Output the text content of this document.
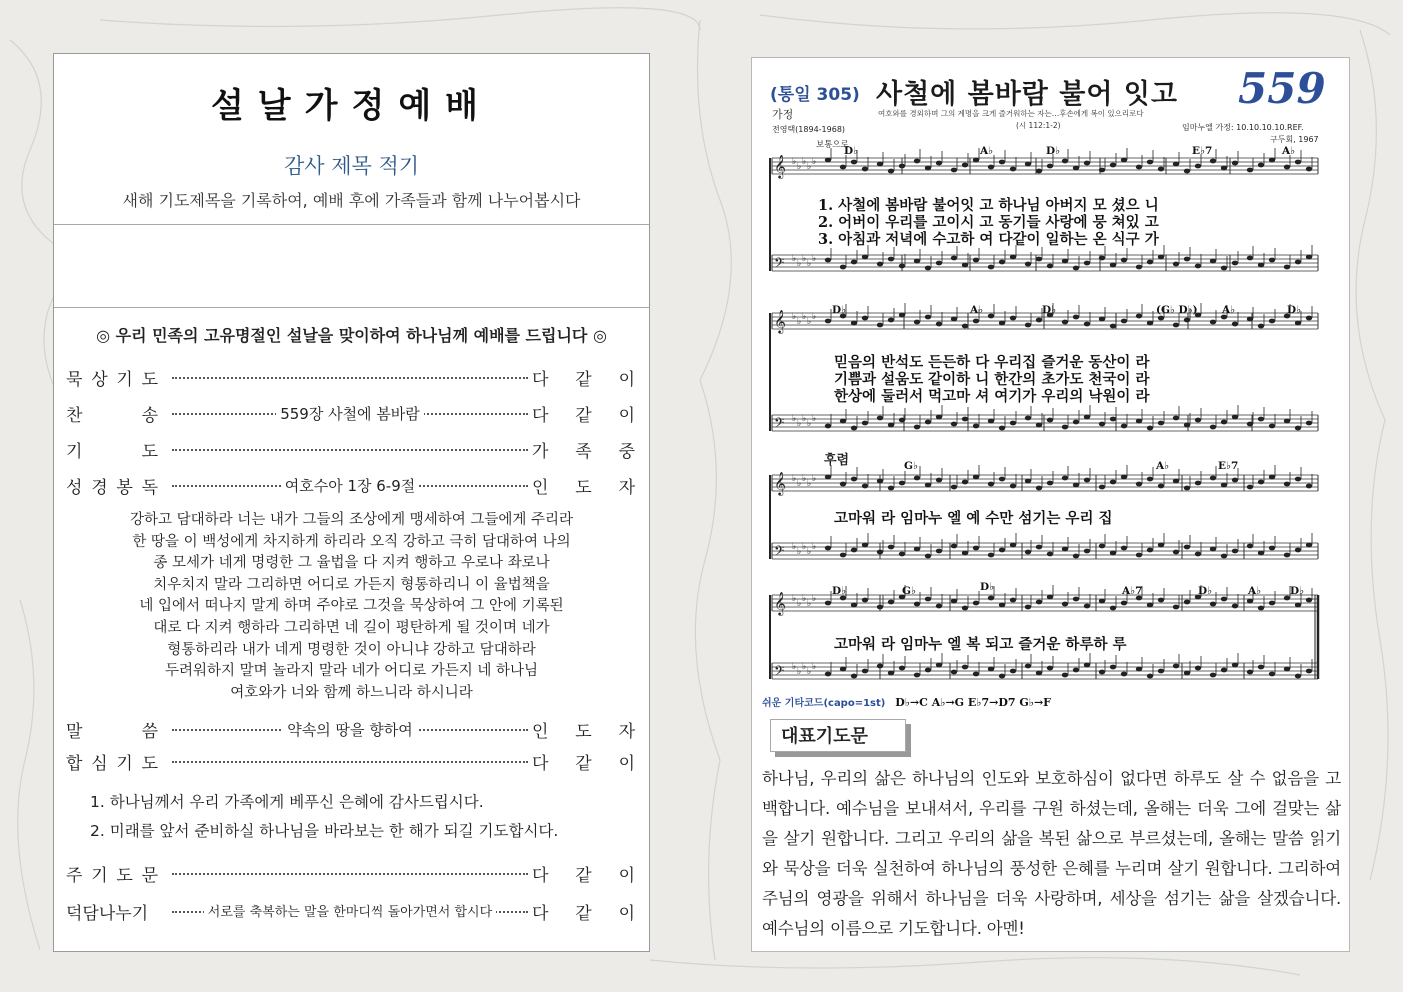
설날가정예배
감사 제목 적기
새해 기도제목을 기록하여, 예배 후에 가족들과 함께 나누어봅시다
◎ 우리 민족의 고유명절인 설날을 맞이하여 하나님께 예배를 드립니다 ◎
묵 상 기 도	다 같 이
찬	송	559장 사철에 봄바람	다 같 이
기	도	가 족 중
성 경 봉 독	여호수아 1장 6-9절	인 도 자
강하고 담대하라 너는 내가 그들의 조상에게 맹세하여 그들에게 주리라
한 땅을 이 백성에게 차지하게 하리라 오직 강하고 극히 담대하여 나의
종 모세가 네게 명령한 그 율법을 다 지켜 행하고 우로나 좌로나
치우치지 말라 그리하면 어디로 가든지 형통하리니 이 율법책을
네 입에서 떠나지 말게 하며 주야로 그것을 묵상하여 그 안에 기록된
대로 다 지켜 행하라 그리하면 네 길이 평탄하게 될 것이며 네가
형통하리라 내가 네게 명령한 것이 아니냐 강하고 담대하라
두려워하지 말며 놀라지 말라 네가 어디로 가든지 네 하나님
여호와가 너와 함께 하느니라 하시니라
말	씀	약속의 땅을 향하여	인 도 자
합 심 기 도	다 같 이
1. 하나님께서 우리 가족에게 베푸신 은혜에 감사드립시다.
2. 미래를 앞서 준비하실 하나님을 바라보는 한 해가 되길 기도합시다.
주 기 도 문	다 같 이
덕담나누기	서로를 축복하는 말을 한마디씩 돌아가면서 합시다	다 같 이
(통일 305) 사철에 봄바람 불어 잇고 559
가정	여호와를 경외하며 그의 계명을 크게 즐거워하는 자는…후손에게 복이 있으리로다
(시 112:1-2)
전영택(1894-1968)	임마누엘 가정: 10.10.10.10.REF.
구두회, 1967
보통으로
𝄞 ♭ ♭ ♭ ♭ ♭
𝄢 ♭ ♭ ♭ ♭ ♭
𝄞 ♭ ♭ ♭ ♭ ♭
𝄢 ♭ ♭ ♭ ♭ ♭
𝄞 ♭ ♭ ♭ ♭ ♭
𝄢 ♭ ♭ ♭ ♭ ♭
𝄞 ♭ ♭ ♭ ♭ ♭
𝄢 ♭ ♭ ♭ ♭ ♭
D♭	A♭	D♭	E♭7	A♭
D♭	A♭	D♭	(G♭ D♭) A♭	D♭
G♭	A♭	E♭7
D♭	G♭	D♭	A♭7	D♭	A♭	D♭
1. 사철에 봄바람 불어잇 고 하나님 아버지 모 셨으 니
2. 어버이 우리를 고이시 고 동기들 사랑에 뭉 쳐있 고
3. 아침과 저녁에 수고하 여 다같이 일하는 온 식구 가
믿음의 반석도 든든하 다 우리집 즐거운 동산이 라
기쁨과 설움도 같이하 니 한간의 초가도 천국이 라
한상에 둘러서 먹고마 셔 여기가 우리의 낙원이 라
후렴
고마워 라 임마누 엘 예 수만 섬기는 우리 집
고마워 라 임마누 엘 복 되고 즐거운 하루하 루
쉬운 기타코드(capo=1st) D♭→C A♭→G E♭7→D7 G♭→F
대표기도문
하나님, 우리의 삶은 하나님의 인도와 보호하심이 없다면 하루도 살 수 없음을 고백합니다. 예수님을 보내셔서, 우리를 구원 하셨는데, 올해는 더욱 그에 걸맞는 삶을 살기 원합니다. 그리고 우리의 삶을 복된 삶으로 부르셨는데, 올해는 말씀 읽기와 묵상을 더욱 실천하여 하나님의 풍성한 은혜를 누리며 살기 원합니다. 그리하여 주님의 영광을 위해서 하나님을 더욱 사랑하며, 세상을 섬기는 삶을 살겠습니다. 예수님의 이름으로 기도합니다. 아멘!
